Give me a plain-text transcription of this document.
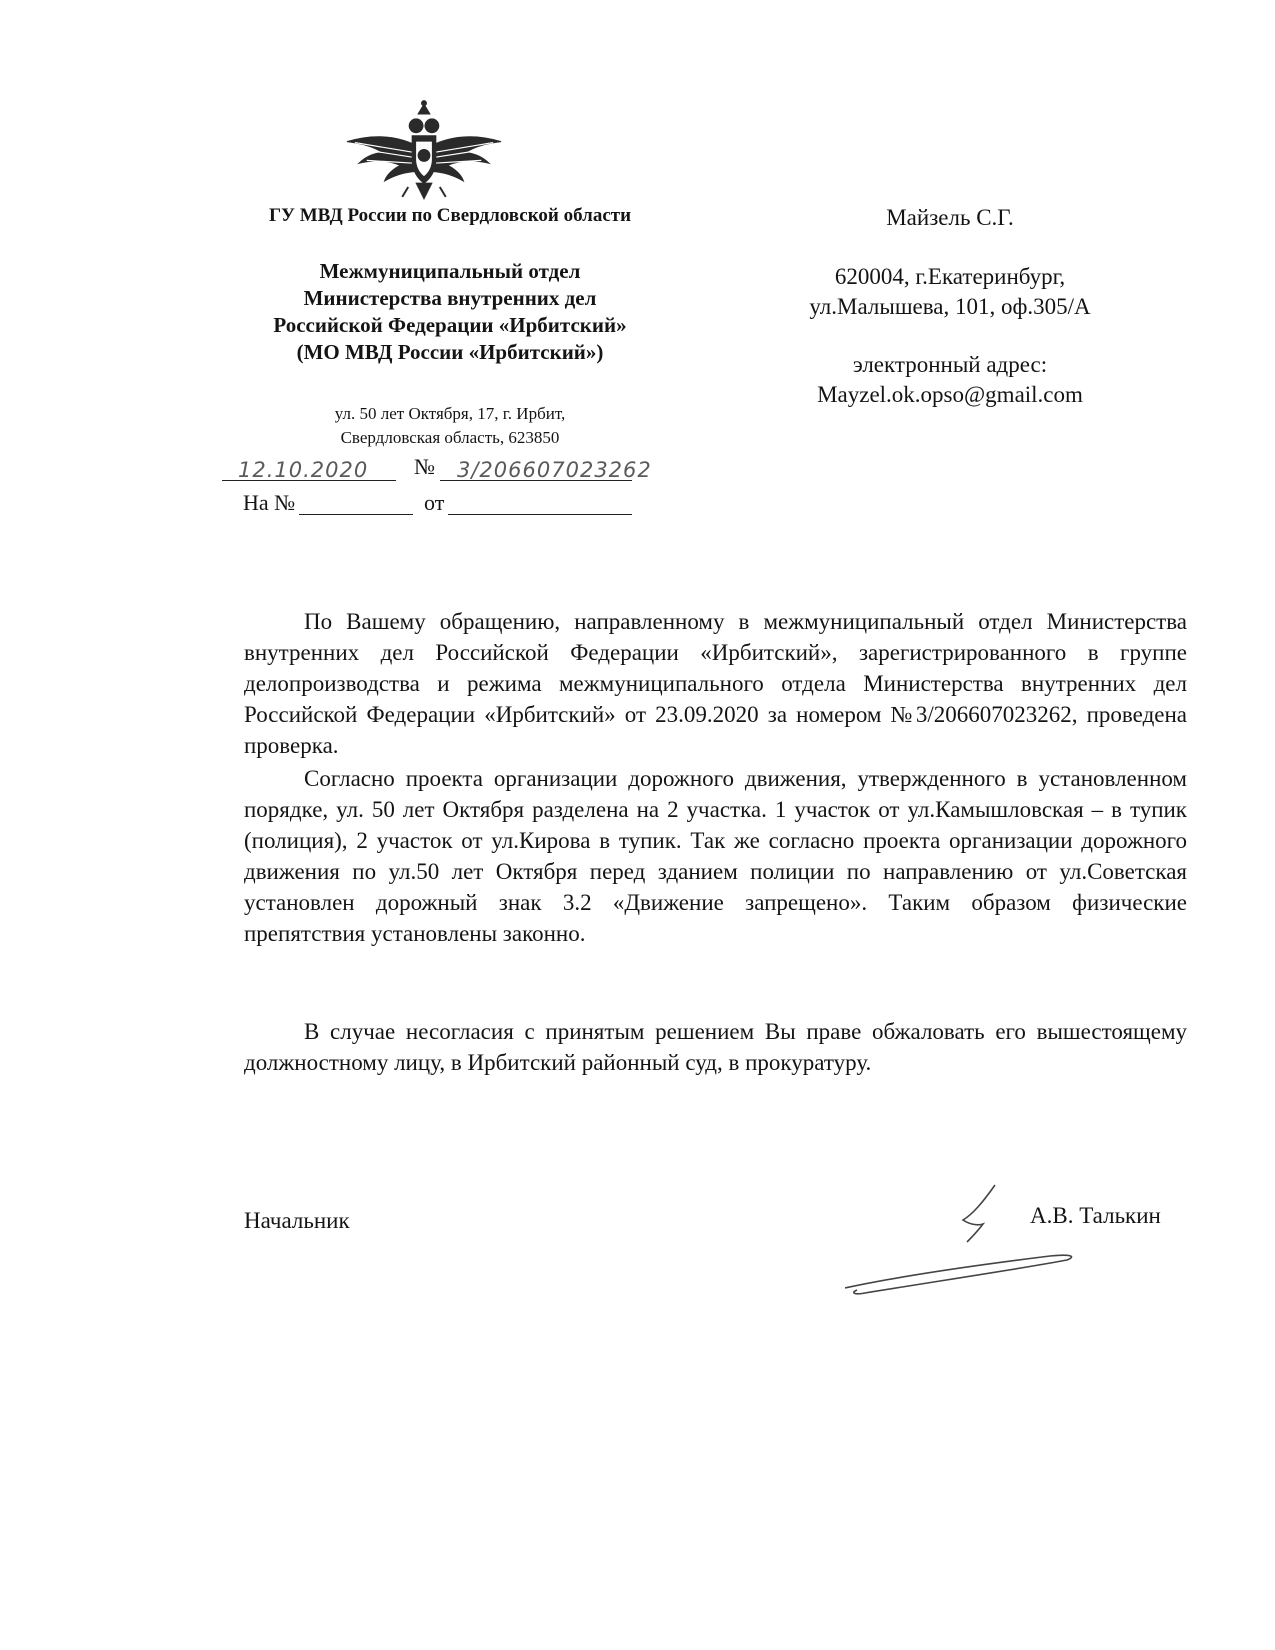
ГУ МВД России по Свердловской области
Межмуниципальный отдел
Министерства внутренних дел
Российской Федерации «Ирбитский»
(МО МВД России «Ирбитский»)
ул. 50 лет Октября, 17, г. Ирбит,
Свердловская область, 623850
Майзель С.Г.
620004, г.Екатеринбург,
ул.Малышева, 101, оф.305/А
электронный адрес:
Mayzel.ok.opso@gmail.com
12.10.2020 № 3/206607023262
На №	от

По Вашему обращению, направленному в межмуниципальный отдел Министерства внутренних дел Российской Федерации «Ирбитский», зарегистрированного в группе делопроизводства и режима межмуниципального отдела Министерства внутренних дел Российской Федерации «Ирбитский» от 23.09.2020 за номером №3/206607023262, проведена проверка.

Согласно проекта организации дорожного движения, утвержденного в установленном порядке, ул. 50 лет Октября разделена на 2 участка. 1 участок от ул.Камышловская – в тупик (полиция), 2 участок от ул.Кирова в тупик. Так же согласно проекта организации дорожного движения по ул.50 лет Октября перед зданием полиции по направлению от ул.Советская установлен дорожный знак 3.2 «Движение запрещено». Таким образом физические препятствия установлены законно.

В случае несогласия с принятым решением Вы праве обжаловать его вышестоящему должностному лицу, в Ирбитский районный суд, в прокуратуру.

Начальник	А.В. Талькин
